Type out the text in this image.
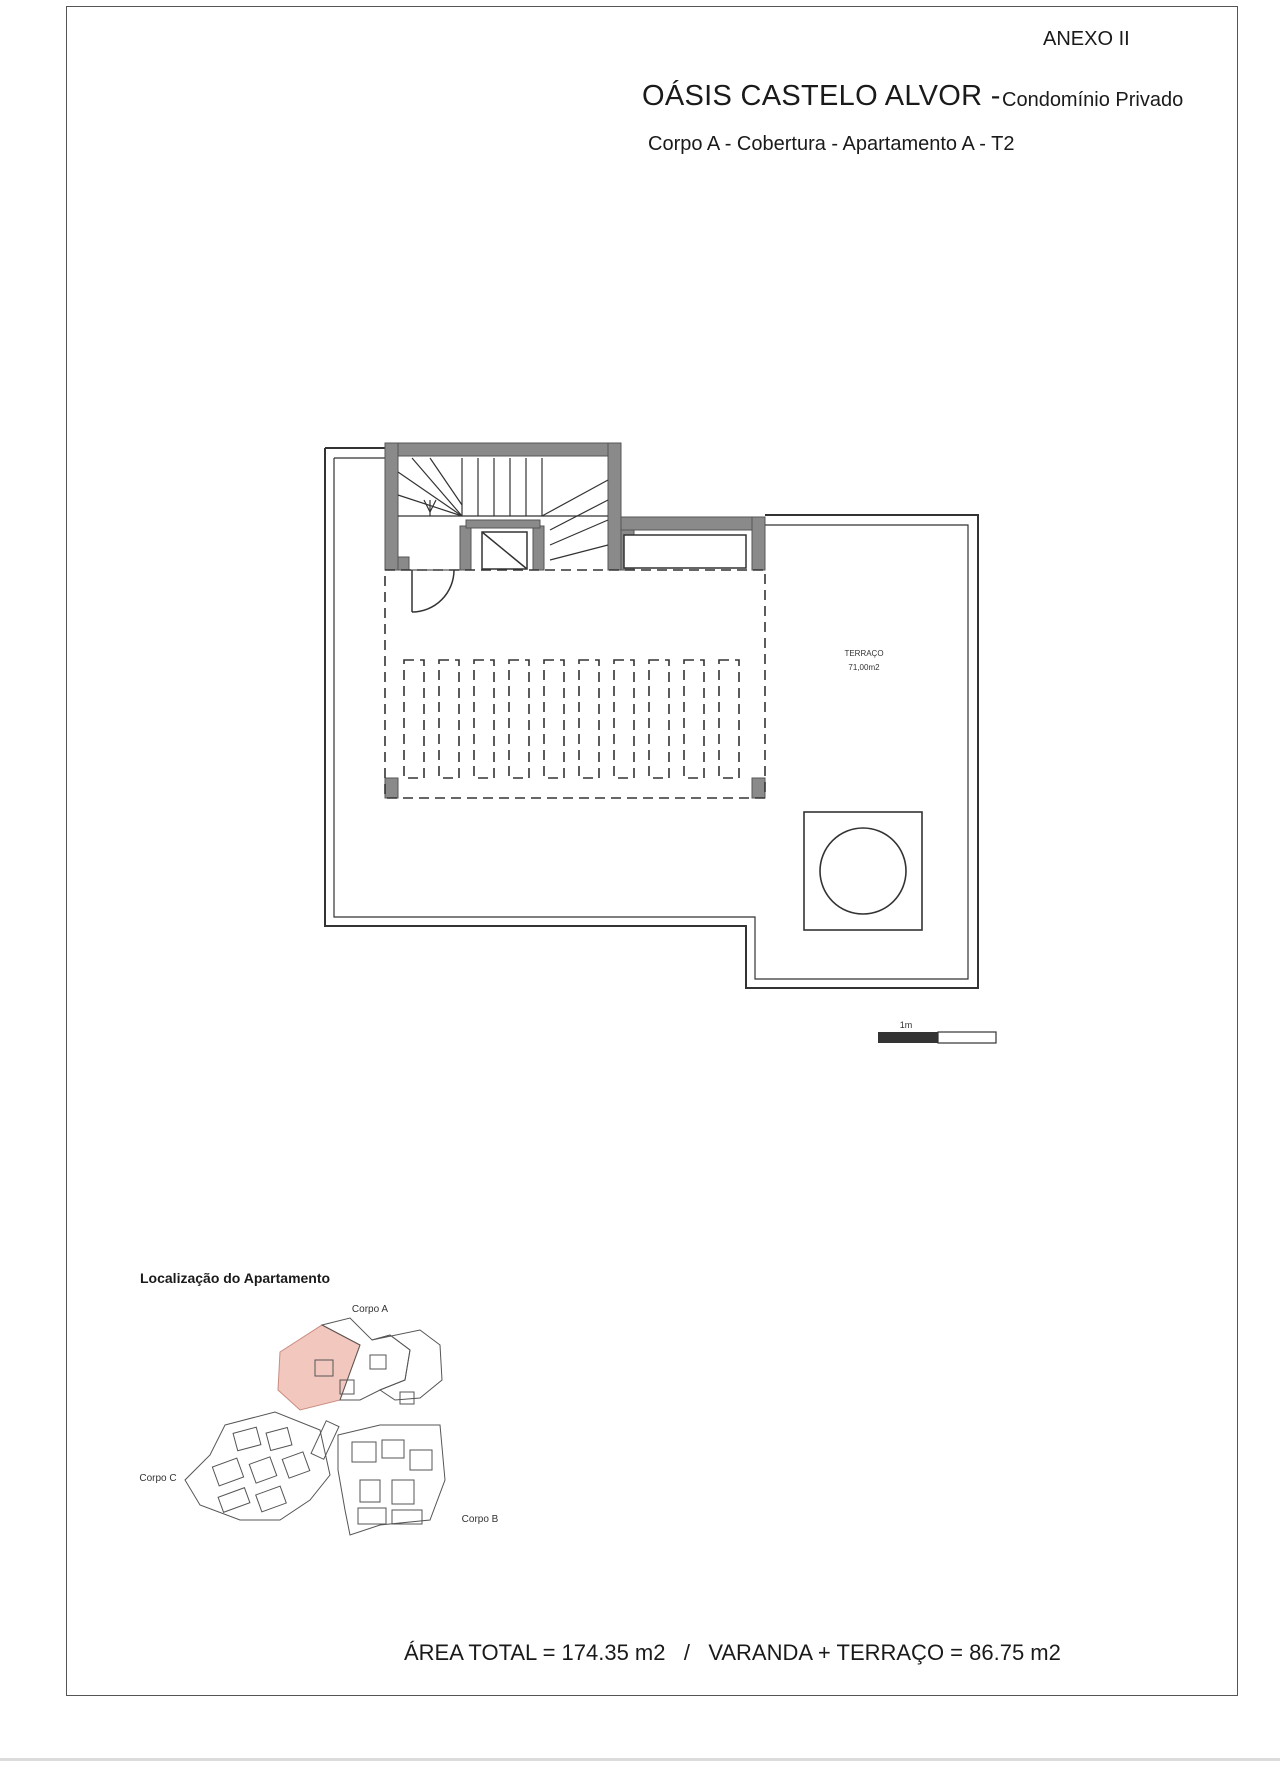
ANEXO II
OÁSIS CASTELO ALVOR - Condomínio Privado
Corpo A - Cobertura - Apartamento A - T2
TERRAÇO
71,00m2
1m
Corpo A
Corpo B
Corpo C
Localização do Apartamento
ÁREA TOTAL = 174.35 m2 / VARANDA + TERRAÇO = 86.75 m2
